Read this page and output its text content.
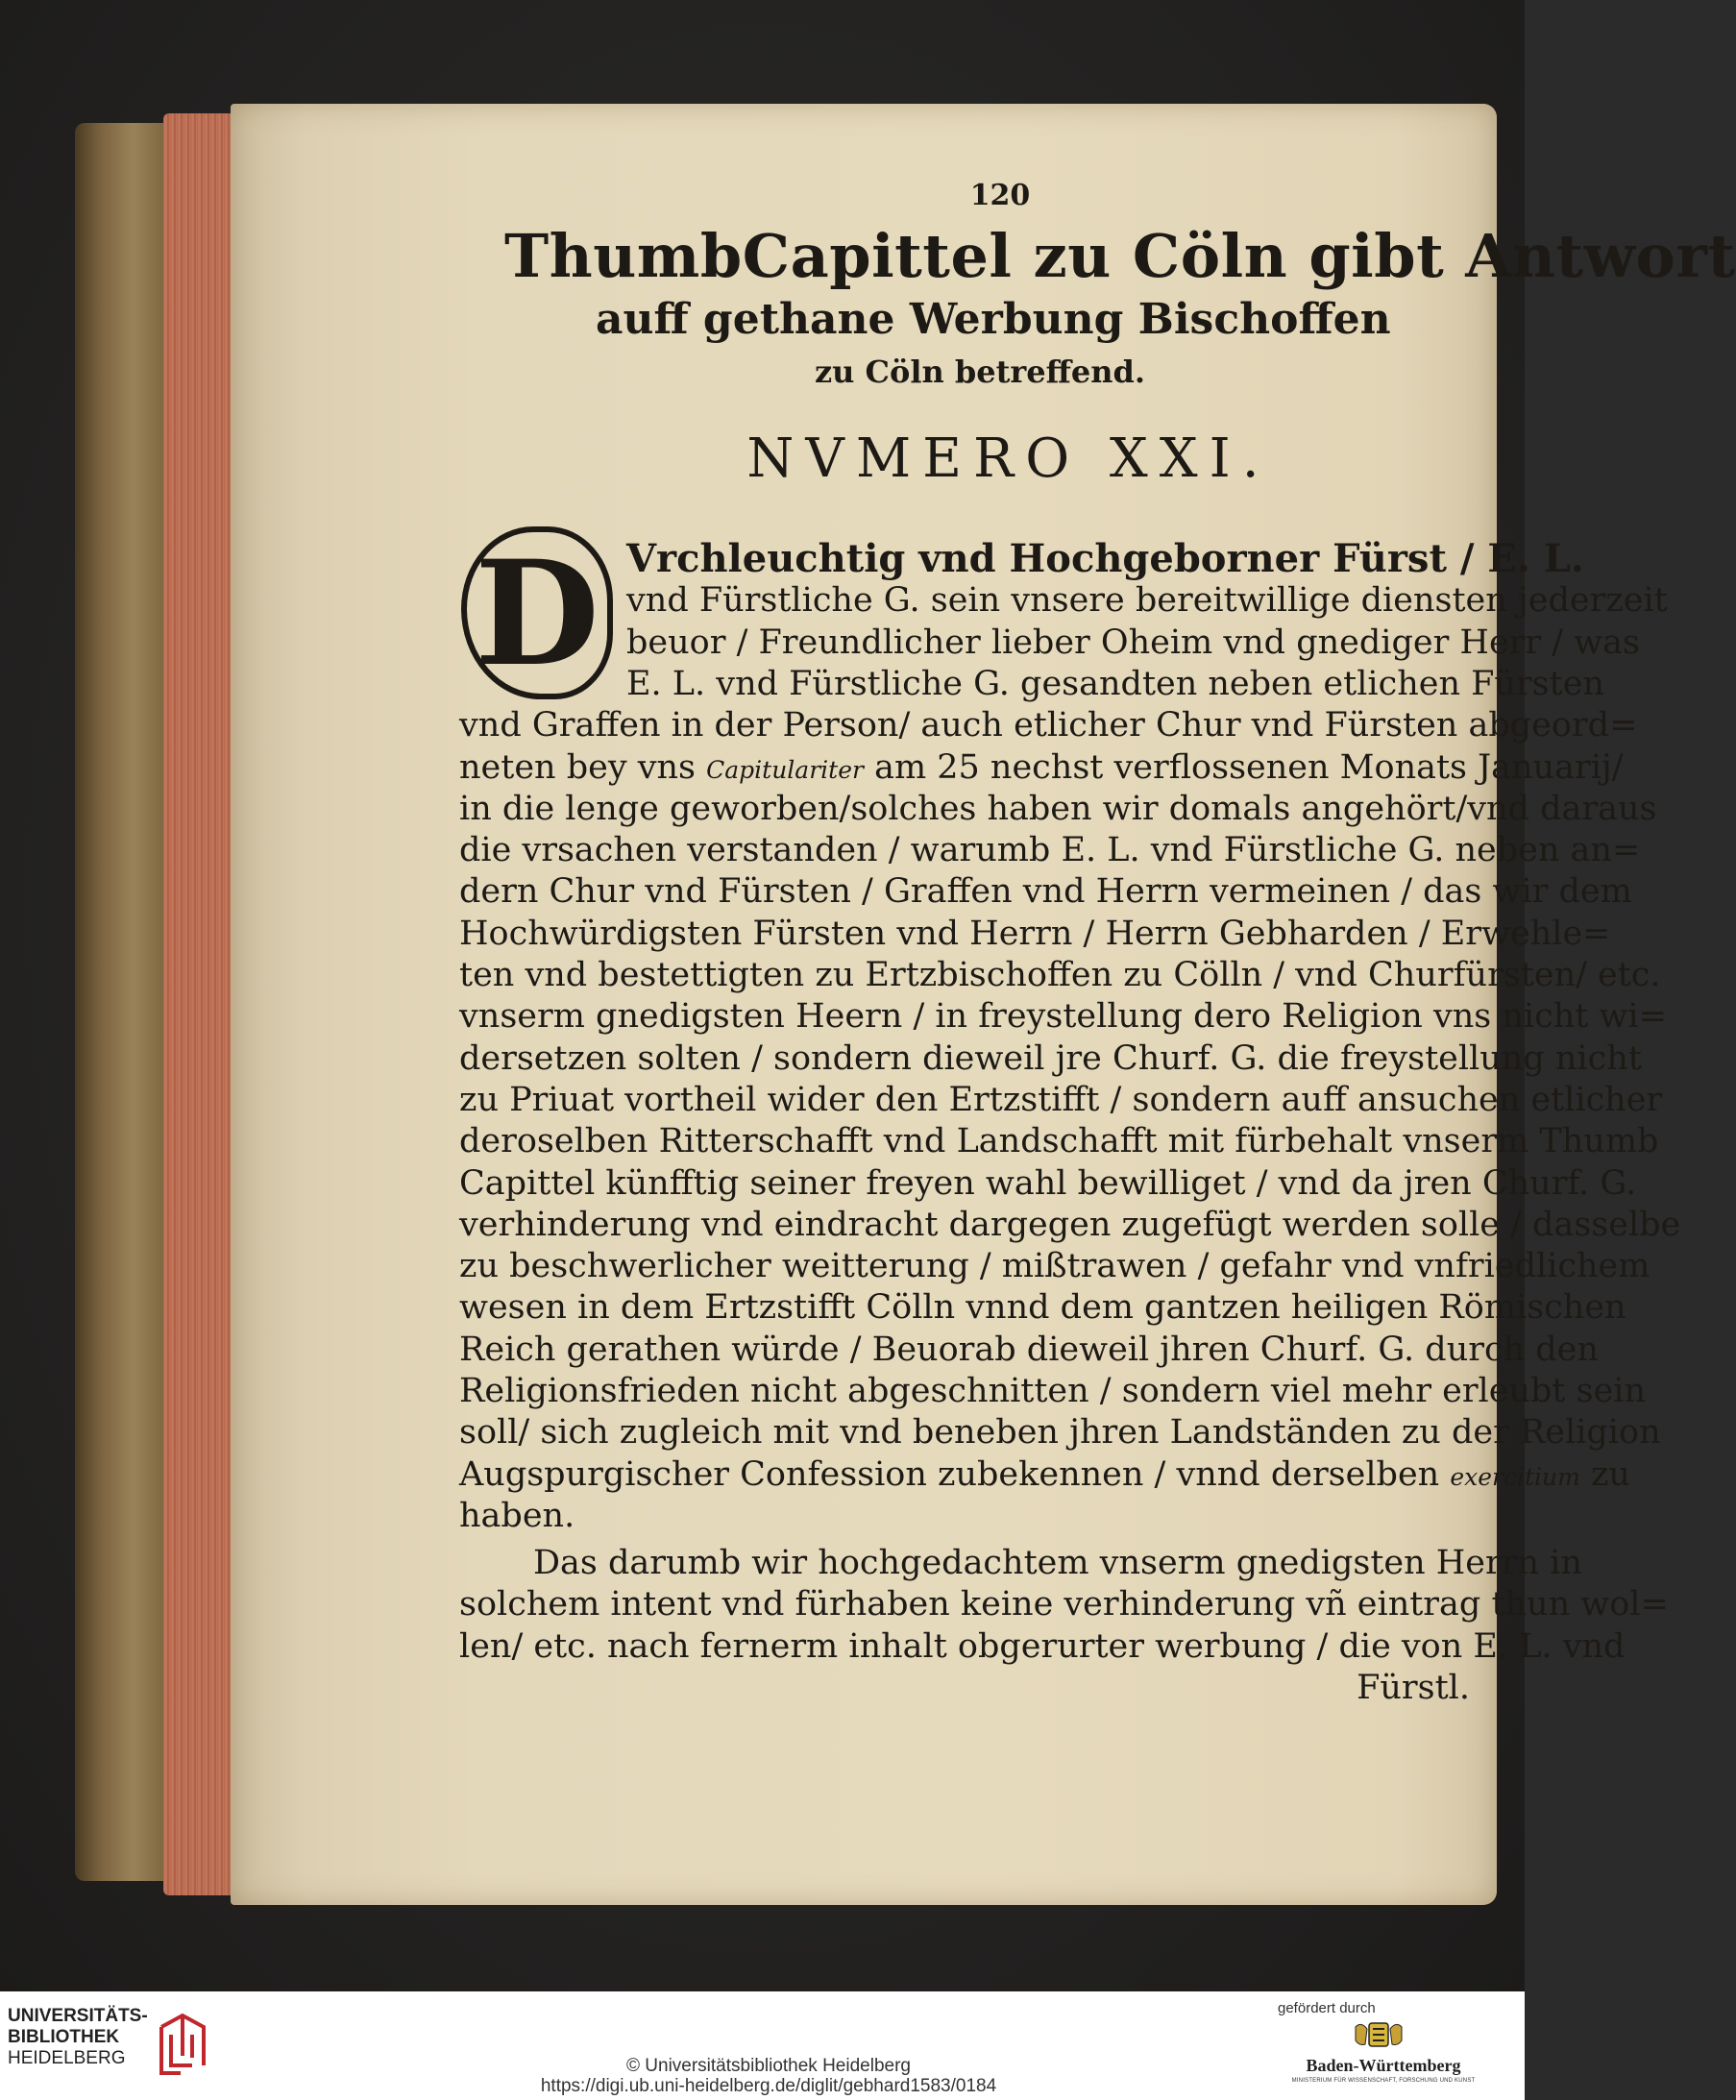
120
ThumbCapittel zu Cöln gibt Antwort
auff gethane Werbung Bischoffen
zu Cöln betreffend.
NVMERO XXI.
D Vrchleuchtig vnd Hochgeborner Fürst / E. L.
vnd Fürstliche G. sein vnsere bereitwillige diensten jederzeit
beuor / Freundlicher lieber Oheim vnd gnediger Herr / was
E. L. vnd Fürstliche G. gesandten neben etlichen Fürsten
vnd Graffen in der Person/ auch etlicher Chur vnd Fürsten abgeord=
neten bey vns Capitulariter am 25 nechst verflossenen Monats Januarij/
in die lenge geworben/solches haben wir domals angehört/vnd daraus
die vrsachen verstanden / warumb E. L. vnd Fürstliche G. neben an=
dern Chur vnd Fürsten / Graffen vnd Herrn vermeinen / das wir dem
Hochwürdigsten Fürsten vnd Herrn / Herrn Gebharden / Erwehle=
ten vnd bestettigten zu Ertzbischoffen zu Cölln / vnd Churfürsten/ etc.
vnserm gnedigsten Heern / in freystellung dero Religion vns nicht wi=
dersetzen solten / sondern dieweil jre Churf. G. die freystellung nicht
zu Priuat vortheil wider den Ertzstifft / sondern auff ansuchen etlicher
deroselben Ritterschafft vnd Landschafft mit fürbehalt vnserm Thumb
Capittel künfftig seiner freyen wahl bewilliget / vnd da jren Churf. G.
verhinderung vnd eindracht dargegen zugefügt werden solle / dasselbe
zu beschwerlicher weitterung / mißtrawen / gefahr vnd vnfriedlichem
wesen in dem Ertzstifft Cölln vnnd dem gantzen heiligen Römischen
Reich gerathen würde / Beuorab dieweil jhren Churf. G. durch den
Religionsfrieden nicht abgeschnitten / sondern viel mehr erleubt sein
soll/ sich zugleich mit vnd beneben jhren Landständen zu der Religion
Augspurgischer Confession zubekennen / vnnd derselben exercitium zu
haben.
Das darumb wir hochgedachtem vnserm gnedigsten Herrn in
solchem intent vnd fürhaben keine verhinderung vñ eintrag thun wol=
len/ etc. nach fernerm inhalt obgerurter werbung / die von E. L. vnd
Fürstl.
UNIVERSITÄTS-
BIBLIOTHEK
HEIDELBERG	© Universitätsbibliothek Heidelberg
https://digi.ub.uni-heidelberg.de/diglit/gebhard1583/0184
gefördert durch
Baden-Württemberg
MINISTERIUM FÜR WISSENSCHAFT, FORSCHUNG UND KUNST
